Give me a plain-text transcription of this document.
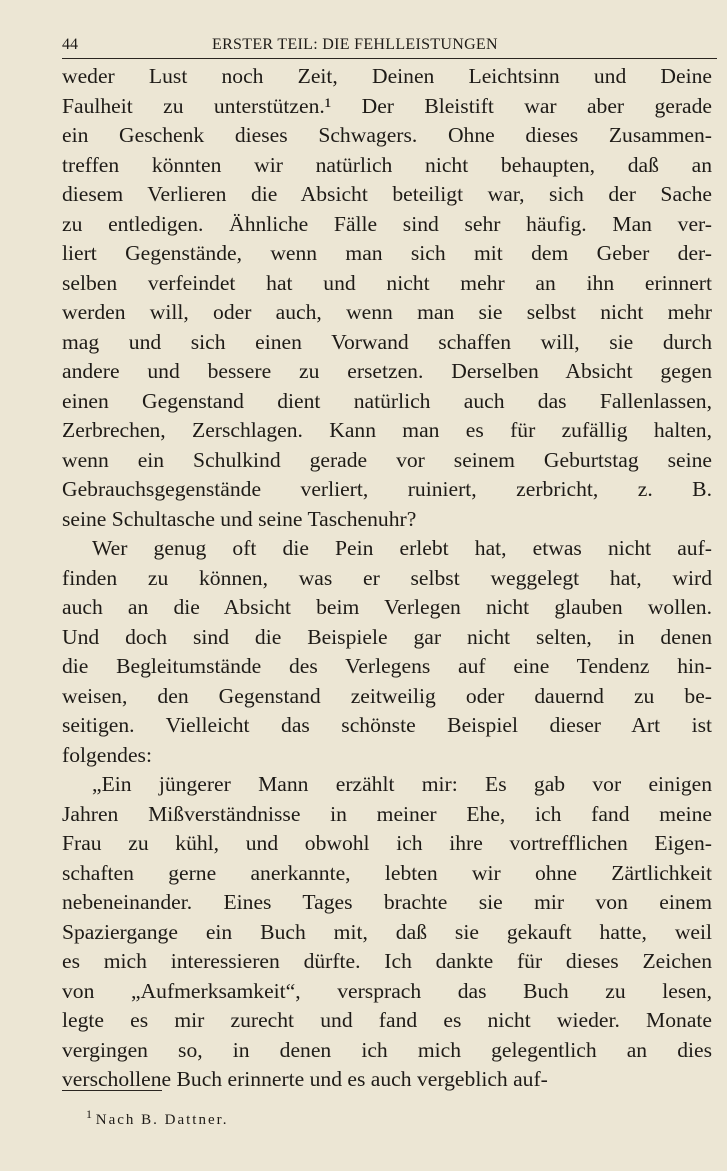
44	ERSTER TEIL: DIE FEHLLEISTUNGEN

weder Lust noch Zeit, Deinen Leichtsinn und Deine
Faulheit zu unterstützen.¹ Der Bleistift war aber gerade
ein Geschenk dieses Schwagers. Ohne dieses Zusammen-
treffen könnten wir natürlich nicht behaupten, daß an
diesem Verlieren die Absicht beteiligt war, sich der Sache
zu entledigen. Ähnliche Fälle sind sehr häufig. Man ver-
liert Gegenstände, wenn man sich mit dem Geber der-
selben verfeindet hat und nicht mehr an ihn erinnert
werden will, oder auch, wenn man sie selbst nicht mehr
mag und sich einen Vorwand schaffen will, sie durch
andere und bessere zu ersetzen. Derselben Absicht gegen
einen Gegenstand dient natürlich auch das Fallenlassen,
Zerbrechen, Zerschlagen. Kann man es für zufällig halten,
wenn ein Schulkind gerade vor seinem Geburtstag seine
Gebrauchsgegenstände verliert, ruiniert, zerbricht, z. B.
seine Schultasche und seine Taschenuhr?

Wer genug oft die Pein erlebt hat, etwas nicht auf-
finden zu können, was er selbst weggelegt hat, wird
auch an die Absicht beim Verlegen nicht glauben wollen.
Und doch sind die Beispiele gar nicht selten, in denen
die Begleitumstände des Verlegens auf eine Tendenz hin-
weisen, den Gegenstand zeitweilig oder dauernd zu be-
seitigen. Vielleicht das schönste Beispiel dieser Art ist
folgendes:

„Ein jüngerer Mann erzählt mir: Es gab vor einigen
Jahren Mißverständnisse in meiner Ehe, ich fand meine
Frau zu kühl, und obwohl ich ihre vortrefflichen Eigen-
schaften gerne anerkannte, lebten wir ohne Zärtlichkeit
nebeneinander. Eines Tages brachte sie mir von einem
Spaziergange ein Buch mit, daß sie gekauft hatte, weil
es mich interessieren dürfte. Ich dankte für dieses Zeichen
von „Aufmerksamkeit“, versprach das Buch zu lesen,
legte es mir zurecht und fand es nicht wieder. Monate
vergingen so, in denen ich mich gelegentlich an dies
verschollene Buch erinnerte und es auch vergeblich auf-

$^1$ Nach B. Dattner.
